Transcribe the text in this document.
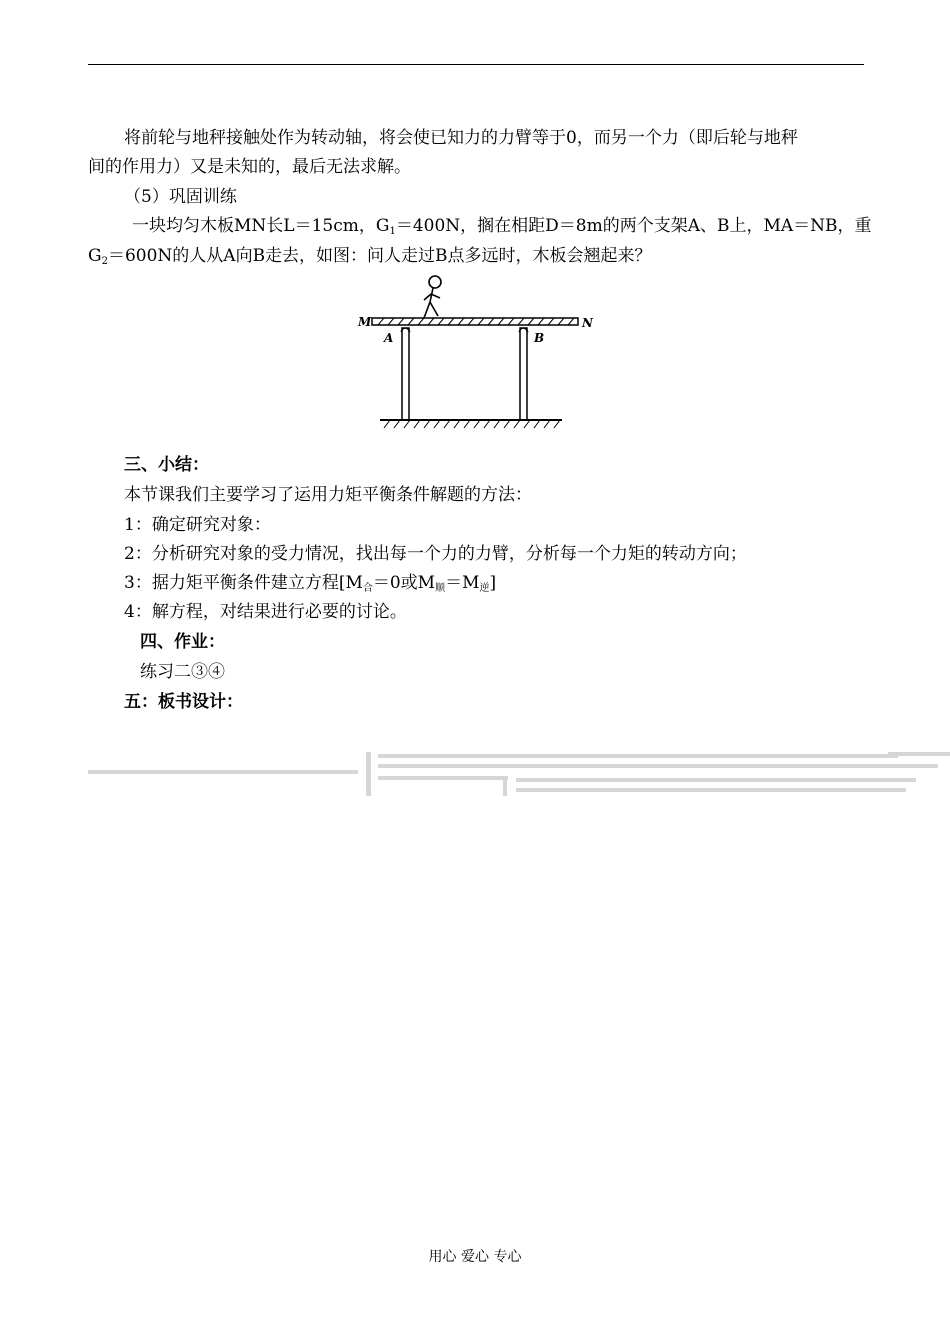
将前轮与地秤接触处作为转动轴，将会使已知力的力臂等于0，而另一个力（即后轮与地秤
间的作用力）又是未知的，最后无法求解。
（5）巩固训练
一块均匀木板MN长L＝15cm，$G_1=400N$，搁在相距D＝8m的两个支架A、B上，MA＝NB，重
$G_2=600N$的人从A向B走去，如图：问人走过B点多远时，木板会翘起来？
M	N
A	B
三、小结：
本节课我们主要学习了运用力矩平衡条件解题的方法：
1：确定研究对象：
2：分析研究对象的受力情况，找出每一个力的力臂，分析每一个力矩的转动方向；
3：据力矩平衡条件建立方程[$M_合=0$或$M_顺=M_逆$]
4：解方程，对结果进行必要的讨论。
四、作业：
练习二③④
五：板书设计：
用心 爱心 专心
